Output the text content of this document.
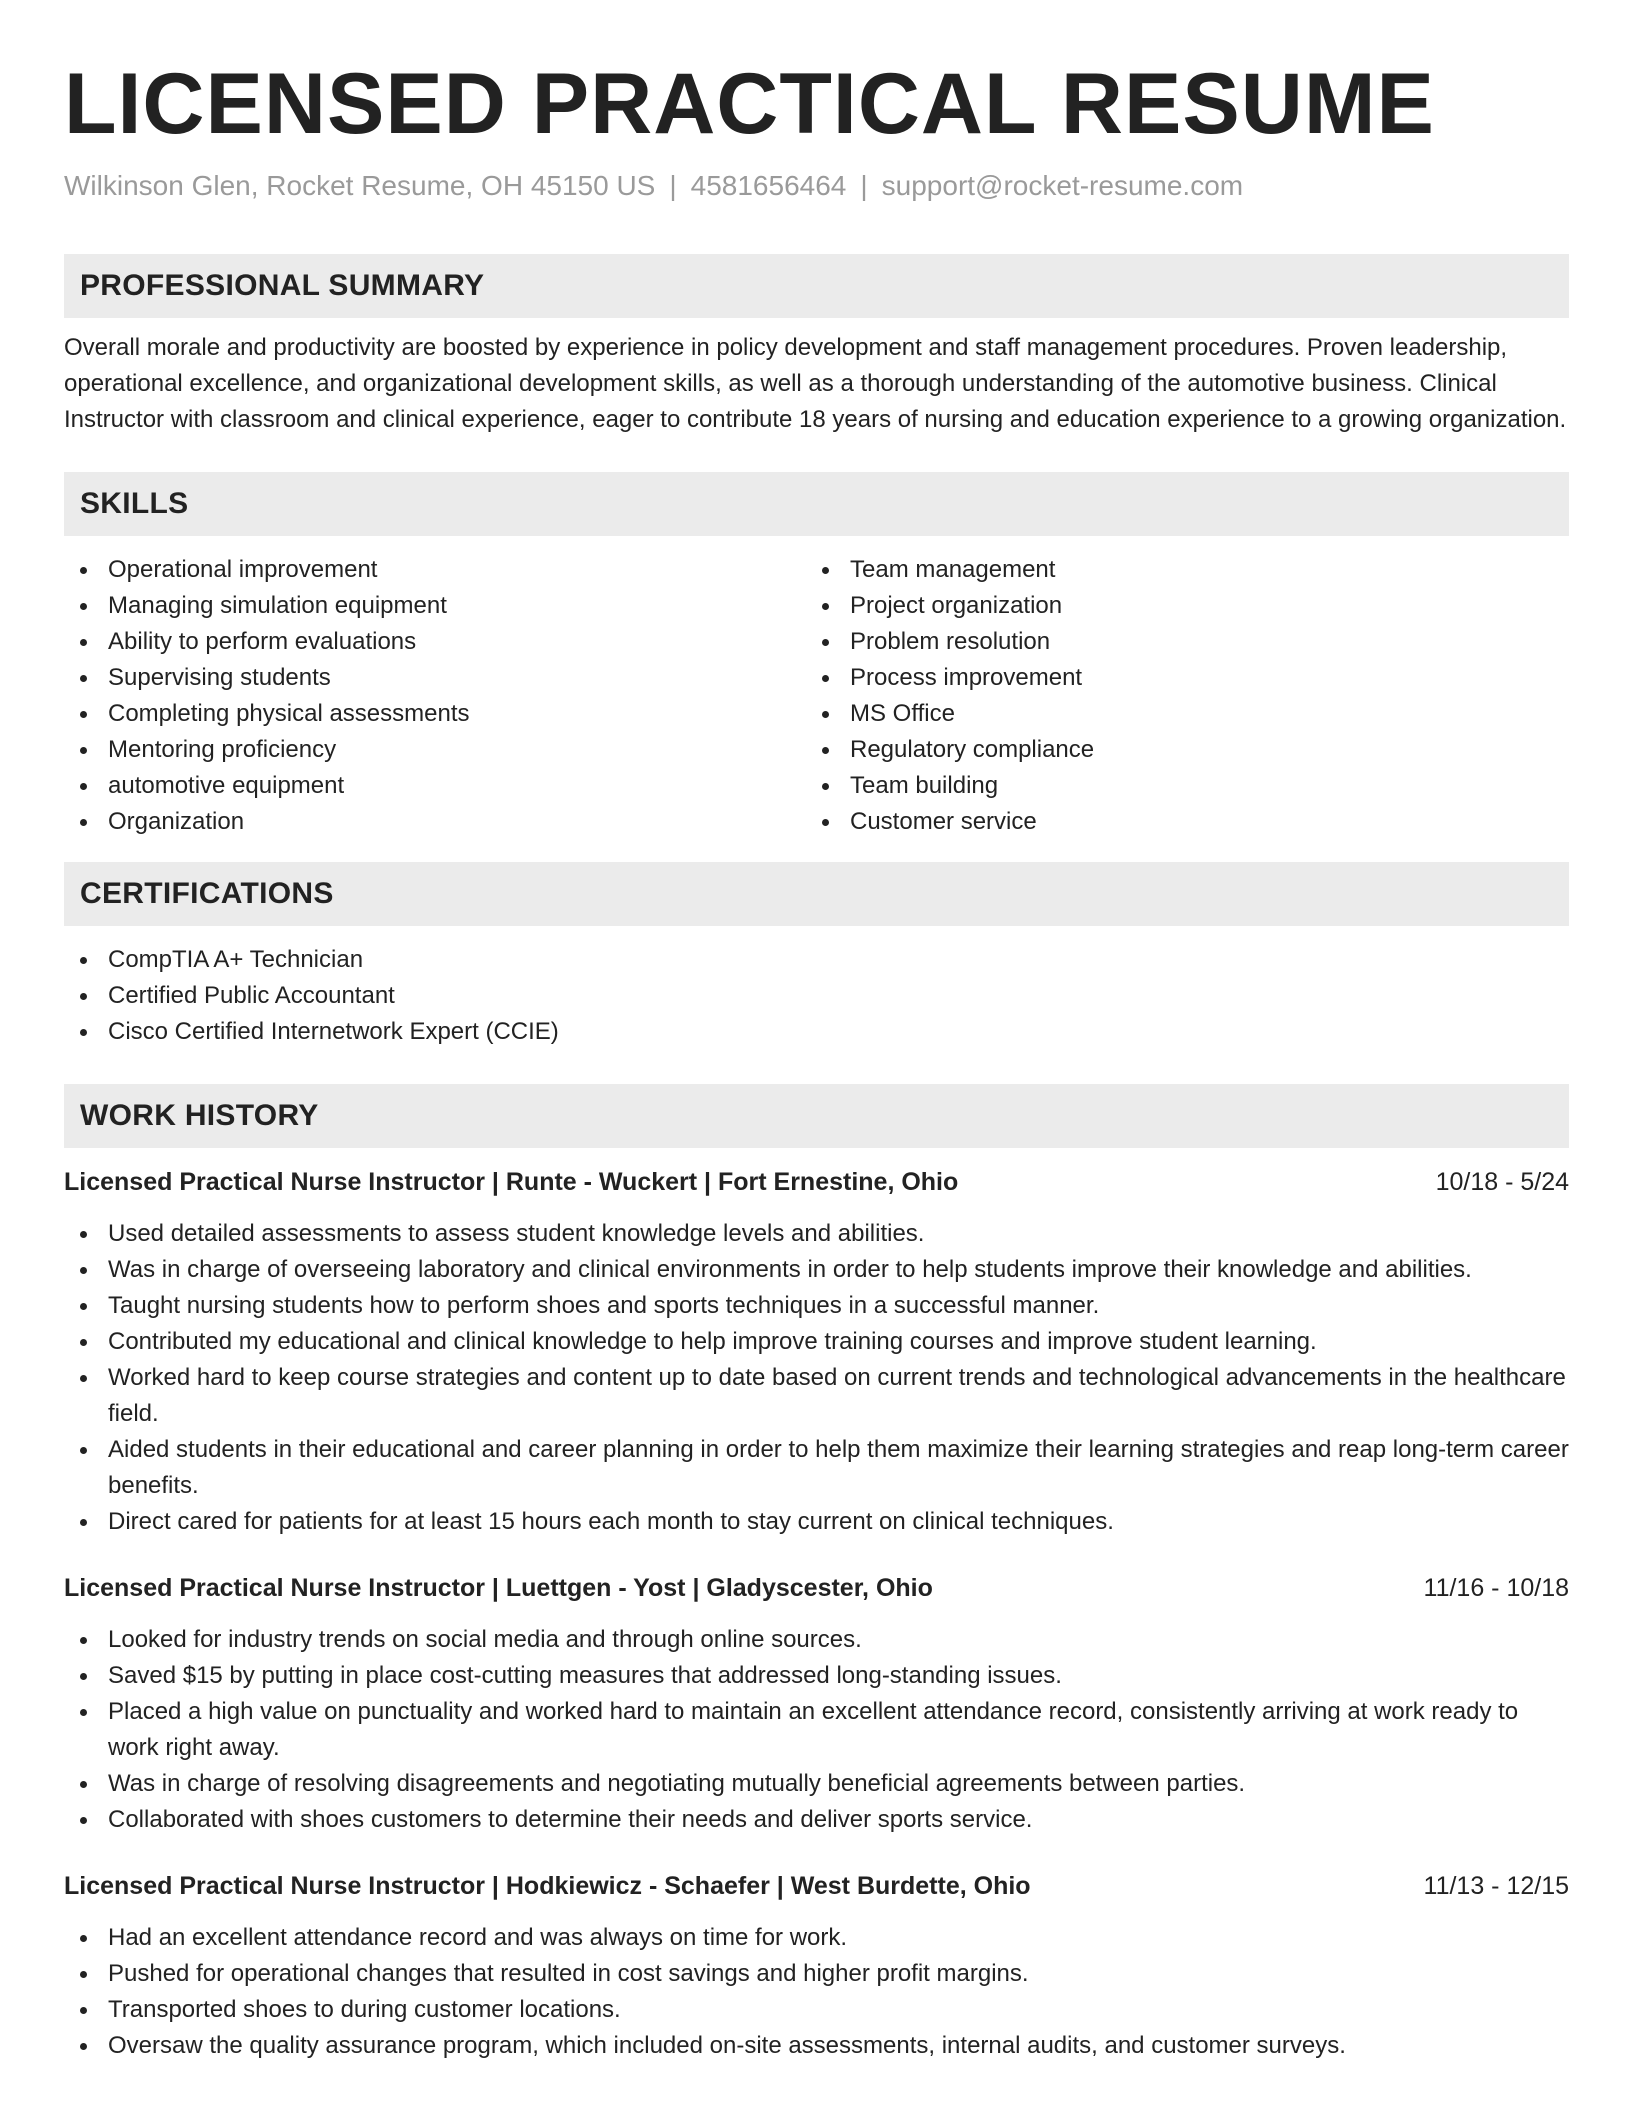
LICENSED PRACTICAL RESUME
Wilkinson Glen, Rocket Resume, OH 45150 US | 4581656464 | support@rocket-resume.com
PROFESSIONAL SUMMARY

Overall morale and productivity are boosted by experience in policy development and staff management procedures. Proven leadership, operational excellence, and organizational development skills, as well as a thorough understanding of the automotive business. Clinical Instructor with classroom and clinical experience, eager to contribute 18 years of nursing and education experience to a growing organization.

SKILLS
Operational improvement
Managing simulation equipment
Ability to perform evaluations
Supervising students
Completing physical assessments
Mentoring proficiency
automotive equipment
Organization
Team management
Project organization
Problem resolution
Process improvement
MS Office
Regulatory compliance
Team building
Customer service
CERTIFICATIONS
CompTIA A+ Technician
Certified Public Accountant
Cisco Certified Internetwork Expert (CCIE)
WORK HISTORY
Licensed Practical Nurse Instructor | Runte - Wuckert | Fort Ernestine, Ohio	10/18 - 5/24
Used detailed assessments to assess student knowledge levels and abilities.
Was in charge of overseeing laboratory and clinical environments in order to help students improve their knowledge and abilities.
Taught nursing students how to perform shoes and sports techniques in a successful manner.
Contributed my educational and clinical knowledge to help improve training courses and improve student learning.
Worked hard to keep course strategies and content up to date based on current trends and technological advancements in the healthcare field.
Aided students in their educational and career planning in order to help them maximize their learning strategies and reap long-term career benefits.
Direct cared for patients for at least 15 hours each month to stay current on clinical techniques.
Licensed Practical Nurse Instructor | Luettgen - Yost | Gladyscester, Ohio	11/16 - 10/18
Looked for industry trends on social media and through online sources.
Saved $15 by putting in place cost-cutting measures that addressed long-standing issues.
Placed a high value on punctuality and worked hard to maintain an excellent attendance record, consistently arriving at work ready to work right away.
Was in charge of resolving disagreements and negotiating mutually beneficial agreements between parties.
Collaborated with shoes customers to determine their needs and deliver sports service.
Licensed Practical Nurse Instructor | Hodkiewicz - Schaefer | West Burdette, Ohio	11/13 - 12/15
Had an excellent attendance record and was always on time for work.
Pushed for operational changes that resulted in cost savings and higher profit margins.
Transported shoes to during customer locations.
Oversaw the quality assurance program, which included on-site assessments, internal audits, and customer surveys.
